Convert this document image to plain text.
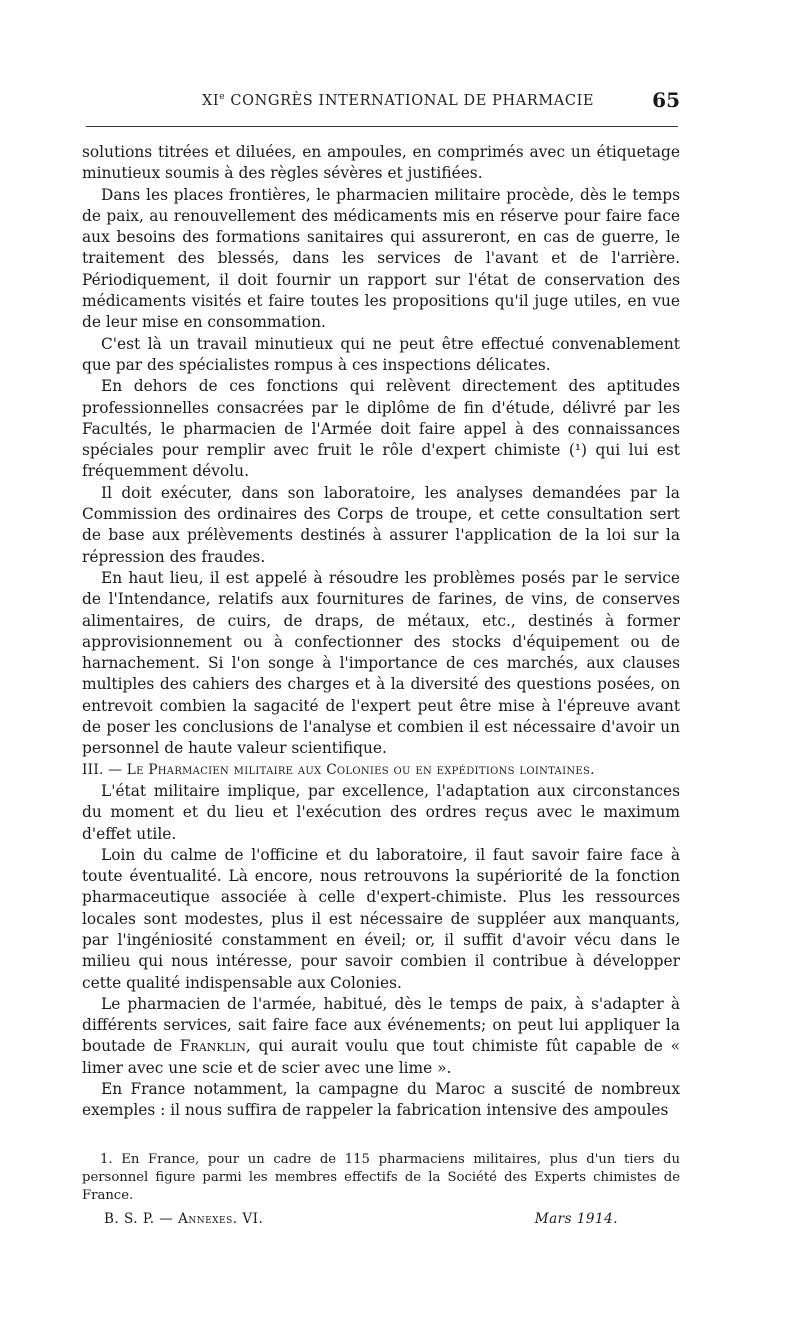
XIe CONGRÈS INTERNATIONAL DE PHARMACIE	65

solutions titrées et diluées, en ampoules, en comprimés avec un étiquetage minutieux soumis à des règles sévères et justifiées.

Dans les places frontières, le pharmacien militaire procède, dès le temps de paix, au renouvellement des médicaments mis en réserve pour faire face aux besoins des formations sanitaires qui assureront, en cas de guerre, le traitement des blessés, dans les services de l'avant et de l'arrière. Périodiquement, il doit fournir un rapport sur l'état de conservation des médicaments visités et faire toutes les propositions qu'il juge utiles, en vue de leur mise en consommation.

C'est là un travail minutieux qui ne peut être effectué convenablement que par des spécialistes rompus à ces inspections délicates.

En dehors de ces fonctions qui relèvent directement des aptitudes professionnelles consacrées par le diplôme de fin d'étude, délivré par les Facultés, le pharmacien de l'Armée doit faire appel à des connaissances spéciales pour remplir avec fruit le rôle d'expert chimiste (¹) qui lui est fréquemment dévolu.

Il doit exécuter, dans son laboratoire, les analyses demandées par la Commission des ordinaires des Corps de troupe, et cette consultation sert de base aux prélèvements destinés à assurer l'application de la loi sur la répression des fraudes.

En haut lieu, il est appelé à résoudre les problèmes posés par le service de l'Intendance, relatifs aux fournitures de farines, de vins, de conserves alimentaires, de cuirs, de draps, de métaux, etc., destinés à former approvisionnement ou à confectionner des stocks d'équipement ou de harnachement. Si l'on songe à l'importance de ces marchés, aux clauses multiples des cahiers des charges et à la diversité des questions posées, on entrevoit combien la sagacité de l'expert peut être mise à l'épreuve avant de poser les conclusions de l'analyse et combien il est nécessaire d'avoir un personnel de haute valeur scientifique.

III. — Le Pharmacien militaire aux Colonies ou en expéditions lointaines.

L'état militaire implique, par excellence, l'adaptation aux circonstances du moment et du lieu et l'exécution des ordres reçus avec le maximum d'effet utile.

Loin du calme de l'officine et du laboratoire, il faut savoir faire face à toute éventualité. Là encore, nous retrouvons la supériorité de la fonction pharmaceutique associée à celle d'expert-chimiste. Plus les ressources locales sont modestes, plus il est nécessaire de suppléer aux manquants, par l'ingéniosité constamment en éveil; or, il suffit d'avoir vécu dans le milieu qui nous intéresse, pour savoir combien il contribue à développer cette qualité indispensable aux Colonies.

Le pharmacien de l'armée, habitué, dès le temps de paix, à s'adapter à différents services, sait faire face aux événements; on peut lui appliquer la boutade de Franklin, qui aurait voulu que tout chimiste fût capable de « limer avec une scie et de scier avec une lime ».

En France notamment, la campagne du Maroc a suscité de nombreux exemples : il nous suffira de rappeler la fabrication intensive des ampoules

1. En France, pour un cadre de 115 pharmaciens militaires, plus d'un tiers du personnel figure parmi les membres effectifs de la Société des Experts chimistes de France.

B. S. P. — Annexes. VI.	Mars 1914.
